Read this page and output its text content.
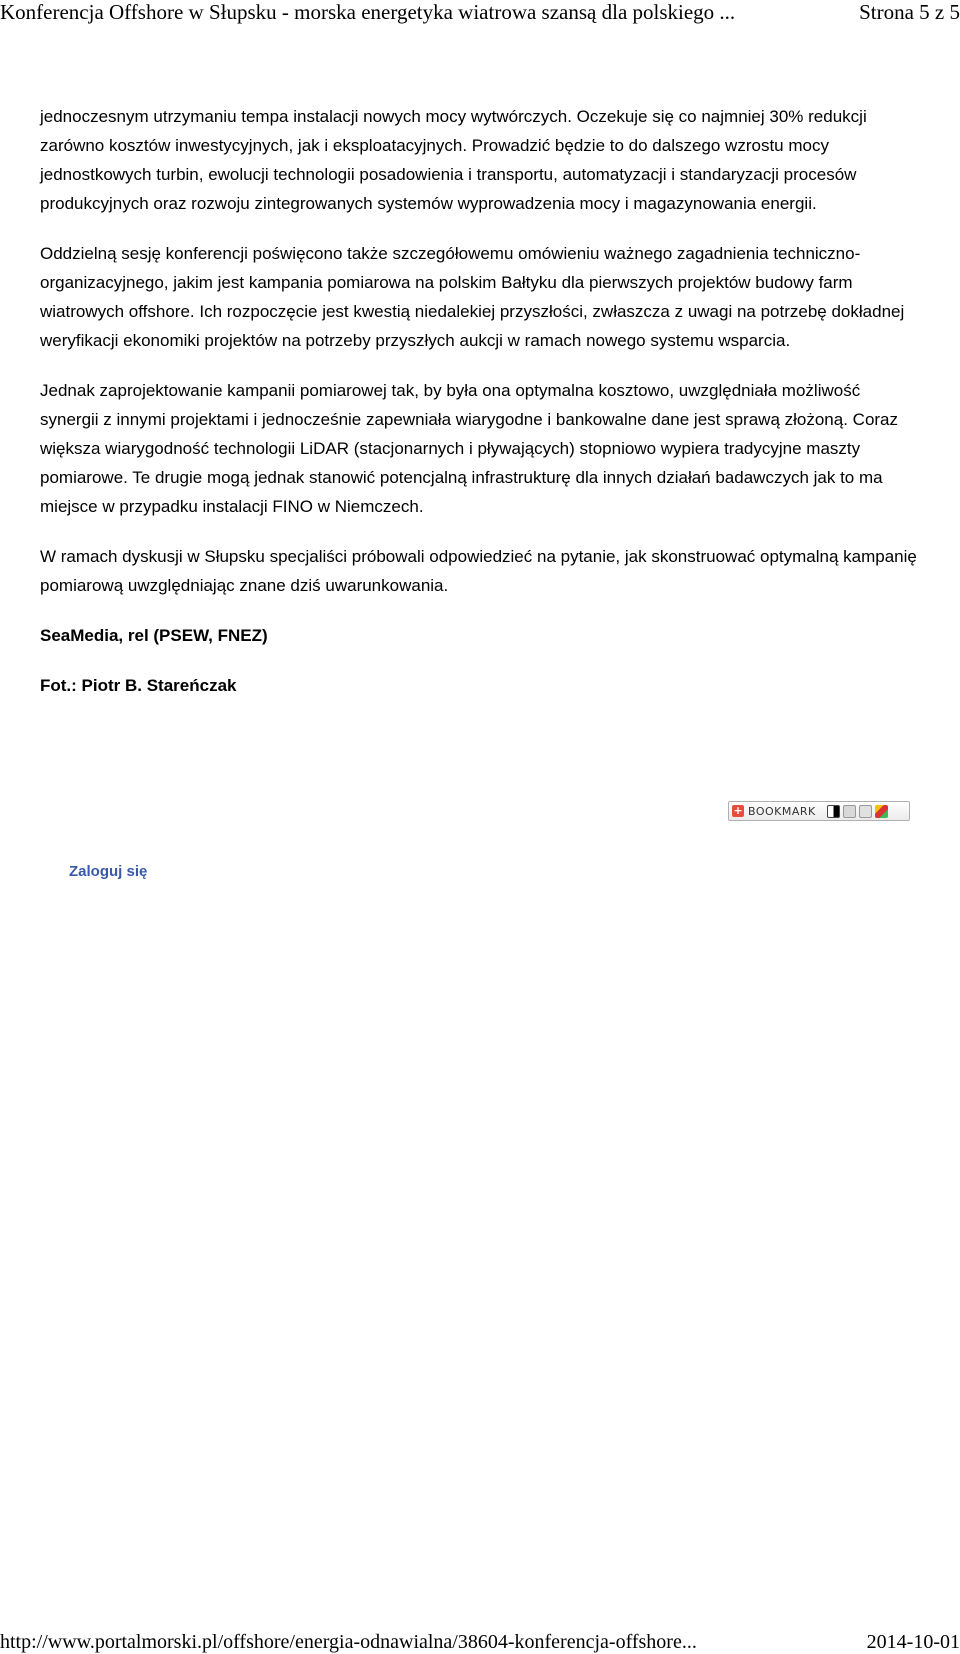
Konferencja Offshore w Słupsku - morska energetyka wiatrowa szansą dla polskiego ...	Strona 5 z 5

jednoczesnym utrzymaniu tempa instalacji nowych mocy wytwórczych. Oczekuje się co najmniej 30% redukcji zarówno kosztów inwestycyjnych, jak i eksploatacyjnych. Prowadzić będzie to do dalszego wzrostu mocy jednostkowych turbin, ewolucji technologii posadowienia i transportu, automatyzacji i standaryzacji procesów produkcyjnych oraz rozwoju zintegrowanych systemów wyprowadzenia mocy i magazynowania energii.

Oddzielną sesję konferencji poświęcono także szczegółowemu omówieniu ważnego zagadnienia techniczno-organizacyjnego, jakim jest kampania pomiarowa na polskim Bałtyku dla pierwszych projektów budowy farm wiatrowych offshore. Ich rozpoczęcie jest kwestią niedalekiej przyszłości, zwłaszcza z uwagi na potrzebę dokładnej weryfikacji ekonomiki projektów na potrzeby przyszłych aukcji w ramach nowego systemu wsparcia.

Jednak zaprojektowanie kampanii pomiarowej tak, by była ona optymalna kosztowo, uwzględniała możliwość synergii z innymi projektami i jednocześnie zapewniała wiarygodne i bankowalne dane jest sprawą złożoną. Coraz większa wiarygodność technologii LiDAR (stacjonarnych i pływających) stopniowo wypiera tradycyjne maszty pomiarowe. Te drugie mogą jednak stanowić potencjalną infrastrukturę dla innych działań badawczych jak to ma miejsce w przypadku instalacji FINO w Niemczech.

W ramach dyskusji w Słupsku specjaliści próbowali odpowiedzieć na pytanie, jak skonstruować optymalną kampanię pomiarową uwzględniając znane dziś uwarunkowania.

SeaMedia, rel (PSEW, FNEZ)

Fot.: Piotr B. Stareńczak

+ BOOKMARK
Zaloguj się
http://www.portalmorski.pl/offshore/energia-odnawialna/38604-konferencja-offshore...	2014-10-01
